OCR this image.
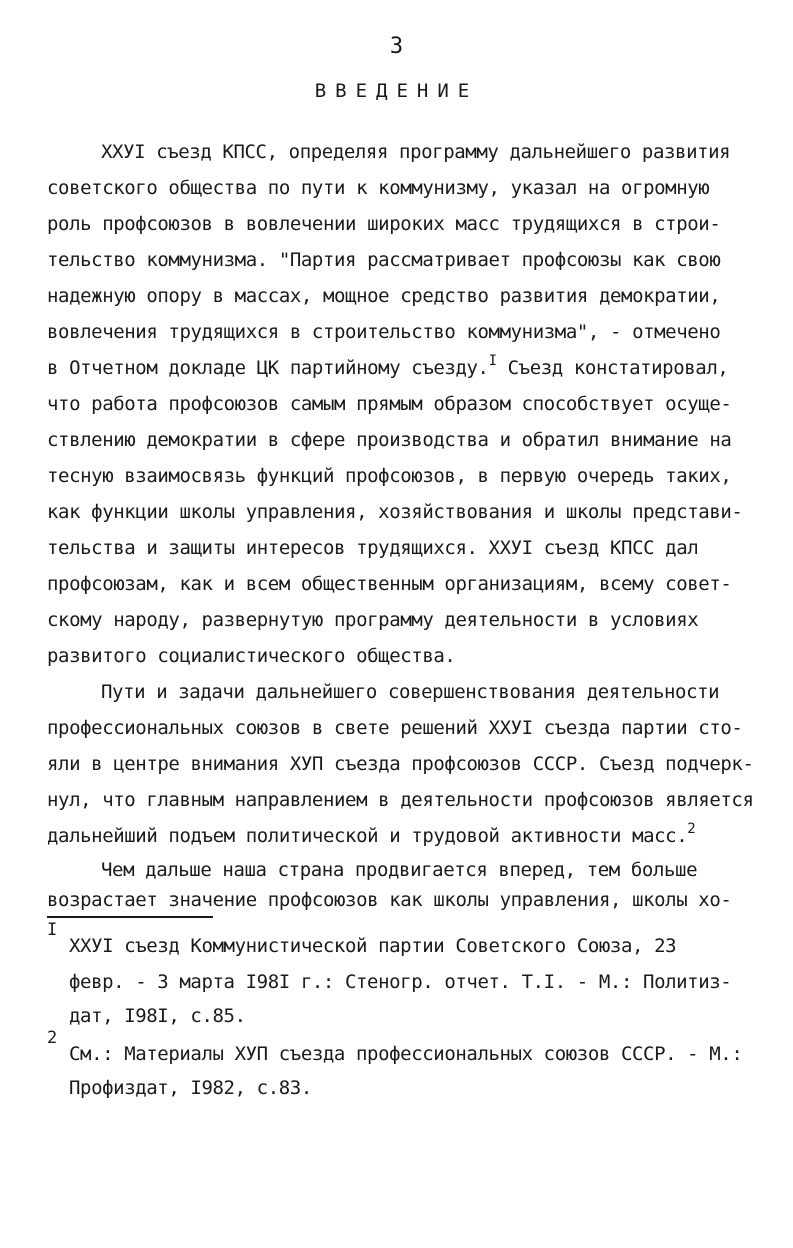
3
ВВЕДЕНИЕ
ХХУI съезд КПСС, определяя программу дальнейшего развития
советского общества по пути к коммунизму, указал на огромную
роль профсоюзов в вовлечении широких масс трудящихся в строи-
тельство коммунизма. "Партия рассматривает профсоюзы как свою
надежную опору в массах, мощное средство развития демократии,
вовлечения трудящихся в строительство коммунизма", - отмечено
в Отчетном докладе ЦК партийному съезду.$^I$ Съезд констатировал,
что работа профсоюзов самым прямым образом способствует осуще-
ствлению демократии в сфере производства и обратил внимание на
тесную взаимосвязь функций профсоюзов, в первую очередь таких,
как функции школы управления, хозяйствования и школы представи-
тельства и защиты интересов трудящихся. ХХУI съезд КПСС дал
профсоюзам, как и всем общественным организациям, всему совет-
скому народу, развернутую программу деятельности в условиях
развитого социалистического общества.
Пути и задачи дальнейшего совершенствования деятельности
профессиональных союзов в свете решений ХХУI съезда партии сто-
яли в центре внимания ХУП съезда профсоюзов СССР. Съезд подчерк-
нул, что главным направлением в деятельности профсоюзов является
дальнейший подъем политической и трудовой активности масс.$^2$
Чем дальше наша страна продвигается вперед, тем больше
возрастает значение профсоюзов как школы управления, школы хо-
I
ХХУI съезд Коммунистической партии Советского Союза, 23
февр. - 3 марта I98I г.: Стеногр. отчет. Т.I. - М.: Политиз-
дат, I98I, с.85.
2
См.: Материалы ХУП съезда профессиональных союзов СССР. - М.:
Профиздат, I982, с.83.
